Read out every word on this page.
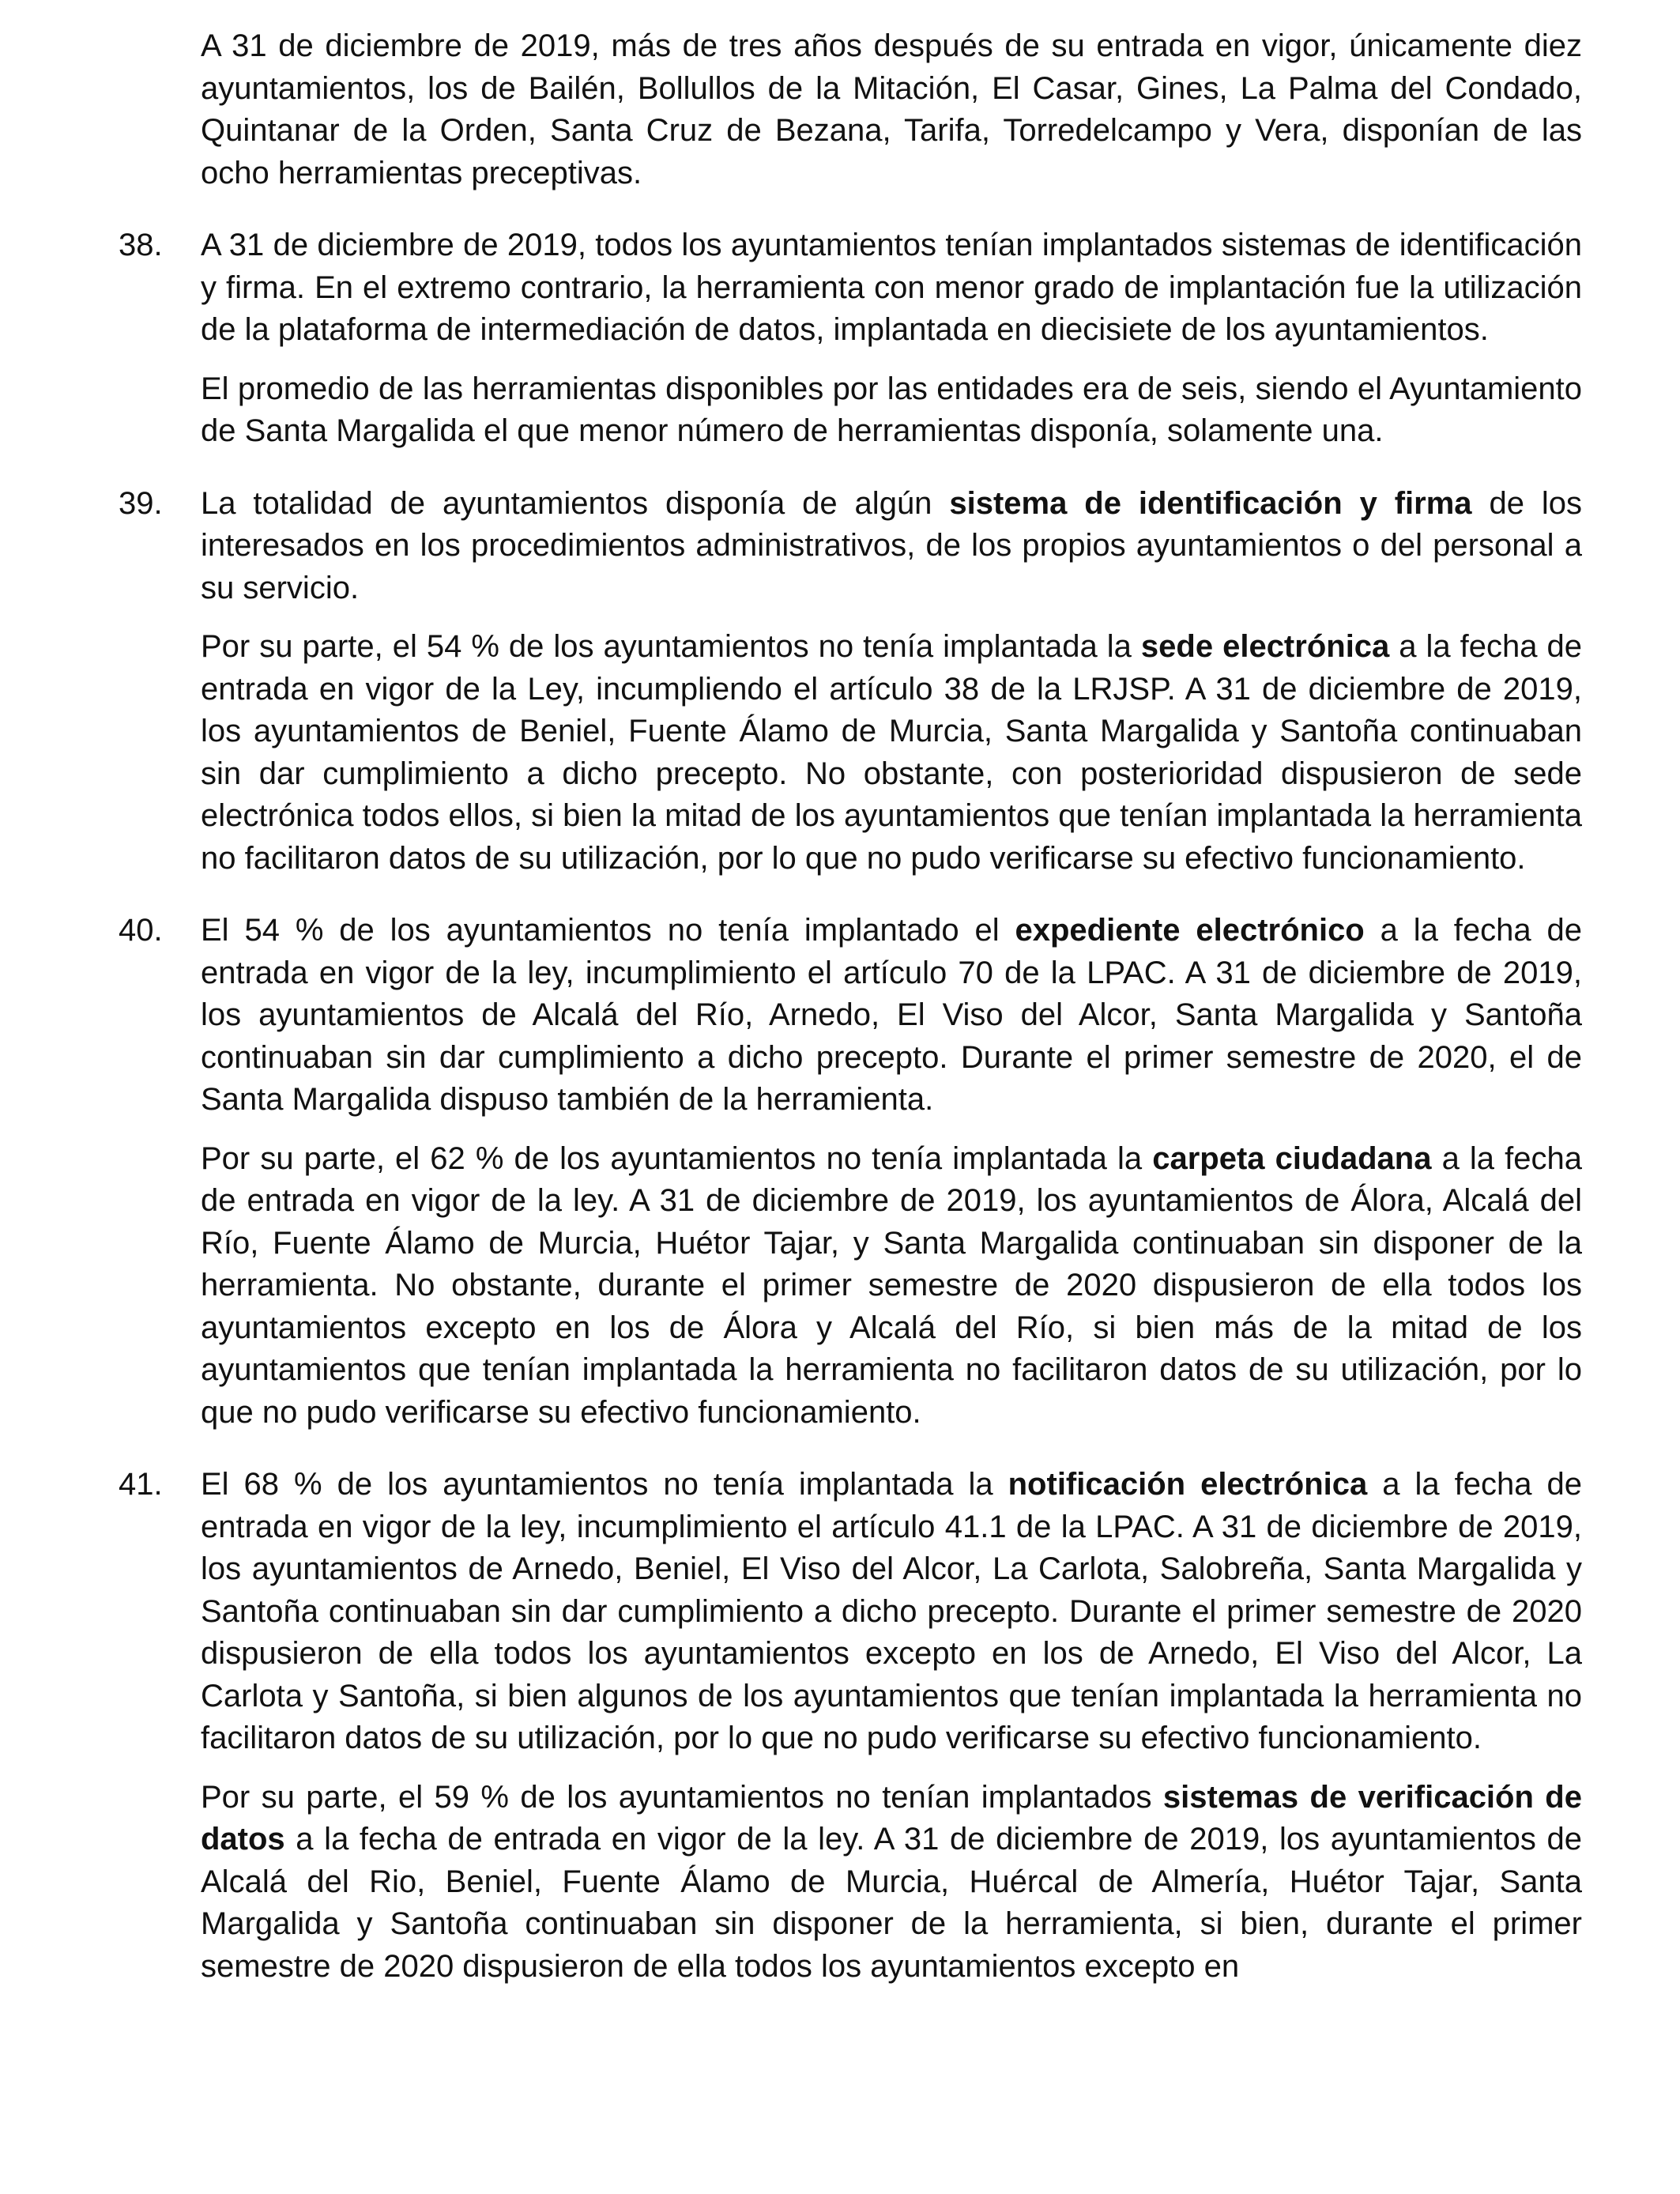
A 31 de diciembre de 2019, más de tres años después de su entrada en vigor, únicamente diez ayuntamientos, los de Bailén, Bollullos de la Mitación, El Casar, Gines, La Palma del Condado, Quintanar de la Orden, Santa Cruz de Bezana, Tarifa, Torredelcampo y Vera, disponían de las ocho herramientas preceptivas.

38.	A 31 de diciembre de 2019, todos los ayuntamientos tenían implantados sistemas de identificación y firma. En el extremo contrario, la herramienta con menor grado de implantación fue la utilización de la plataforma de intermediación de datos, implantada en diecisiete de los ayuntamientos.

El promedio de las herramientas disponibles por las entidades era de seis, siendo el Ayuntamiento de Santa Margalida el que menor número de herramientas disponía, solamente una.

39.	La totalidad de ayuntamientos disponía de algún sistema de identificación y firma de los interesados en los procedimientos administrativos, de los propios ayuntamientos o del personal a su servicio.

Por su parte, el 54 % de los ayuntamientos no tenía implantada la sede electrónica a la fecha de entrada en vigor de la Ley, incumpliendo el artículo 38 de la LRJSP. A 31 de diciembre de 2019, los ayuntamientos de Beniel, Fuente Álamo de Murcia, Santa Margalida y Santoña continuaban sin dar cumplimiento a dicho precepto. No obstante, con posterioridad dispusieron de sede electrónica todos ellos, si bien la mitad de los ayuntamientos que tenían implantada la herramienta no facilitaron datos de su utilización, por lo que no pudo verificarse su efectivo funcionamiento.

40.	El 54 % de los ayuntamientos no tenía implantado el expediente electrónico a la fecha de entrada en vigor de la ley, incumplimiento el artículo 70 de la LPAC. A 31 de diciembre de 2019, los ayuntamientos de Alcalá del Río, Arnedo, El Viso del Alcor, Santa Margalida y Santoña continuaban sin dar cumplimiento a dicho precepto. Durante el primer semestre de 2020, el de Santa Margalida dispuso también de la herramienta.

Por su parte, el 62 % de los ayuntamientos no tenía implantada la carpeta ciudadana a la fecha de entrada en vigor de la ley. A 31 de diciembre de 2019, los ayuntamientos de Álora, Alcalá del Río, Fuente Álamo de Murcia, Huétor Tajar, y Santa Margalida continuaban sin disponer de la herramienta. No obstante, durante el primer semestre de 2020 dispusieron de ella todos los ayuntamientos excepto en los de Álora y Alcalá del Río, si bien más de la mitad de los ayuntamientos que tenían implantada la herramienta no facilitaron datos de su utilización, por lo que no pudo verificarse su efectivo funcionamiento.

41.	El 68 % de los ayuntamientos no tenía implantada la notificación electrónica a la fecha de entrada en vigor de la ley, incumplimiento el artículo 41.1 de la LPAC. A 31 de diciembre de 2019, los ayuntamientos de Arnedo, Beniel, El Viso del Alcor, La Carlota, Salobreña, Santa Margalida y Santoña continuaban sin dar cumplimiento a dicho precepto. Durante el primer semestre de 2020 dispusieron de ella todos los ayuntamientos excepto en los de Arnedo, El Viso del Alcor, La Carlota y Santoña, si bien algunos de los ayuntamientos que tenían implantada la herramienta no facilitaron datos de su utilización, por lo que no pudo verificarse su efectivo funcionamiento.

Por su parte, el 59 % de los ayuntamientos no tenían implantados sistemas de verificación de datos a la fecha de entrada en vigor de la ley. A 31 de diciembre de 2019, los ayuntamientos de Alcalá del Rio, Beniel, Fuente Álamo de Murcia, Huércal de Almería, Huétor Tajar, Santa Margalida y Santoña continuaban sin disponer de la herramienta, si bien, durante el primer semestre de 2020 dispusieron de ella todos los ayuntamientos excepto en
